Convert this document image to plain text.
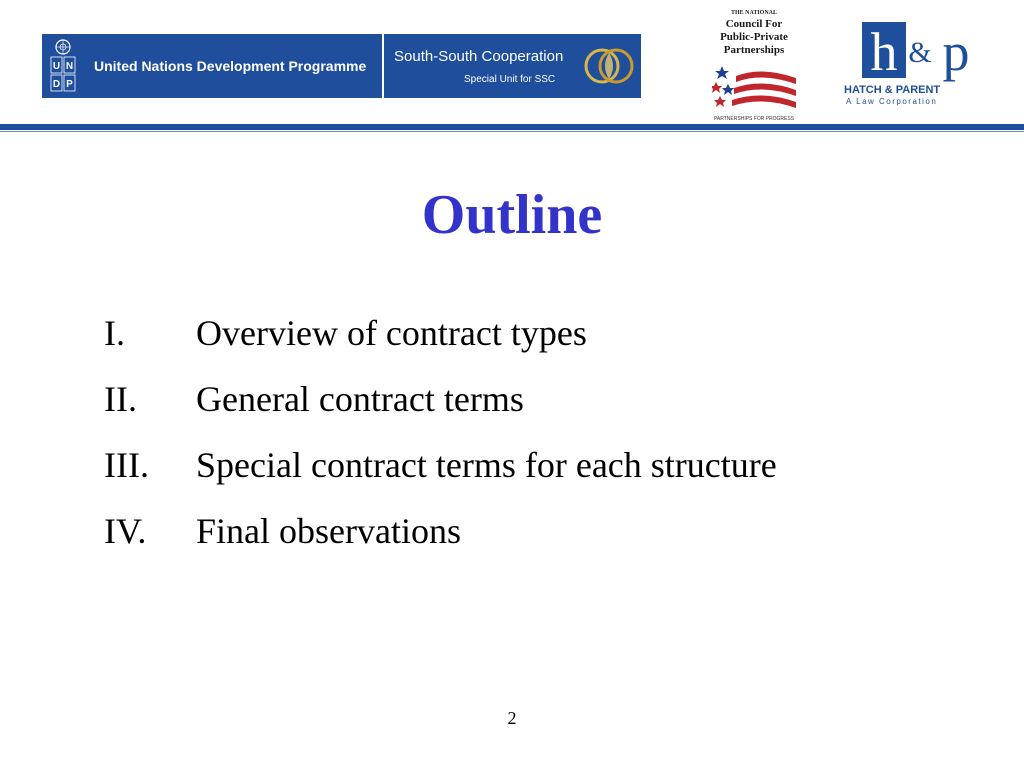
U N
D P
United Nations Development Programme
South-South Cooperation
Special Unit for SSC
THE NATIONAL
Council For
Public-Private
Partnerships
PARTNERSHIPS FOR PROGRESS
h & p
HATCH & PARENT
A Law Corporation
Outline
I. Overview of contract types
II. General contract terms
III. Special contract terms for each structure
IV. Final observations
2
